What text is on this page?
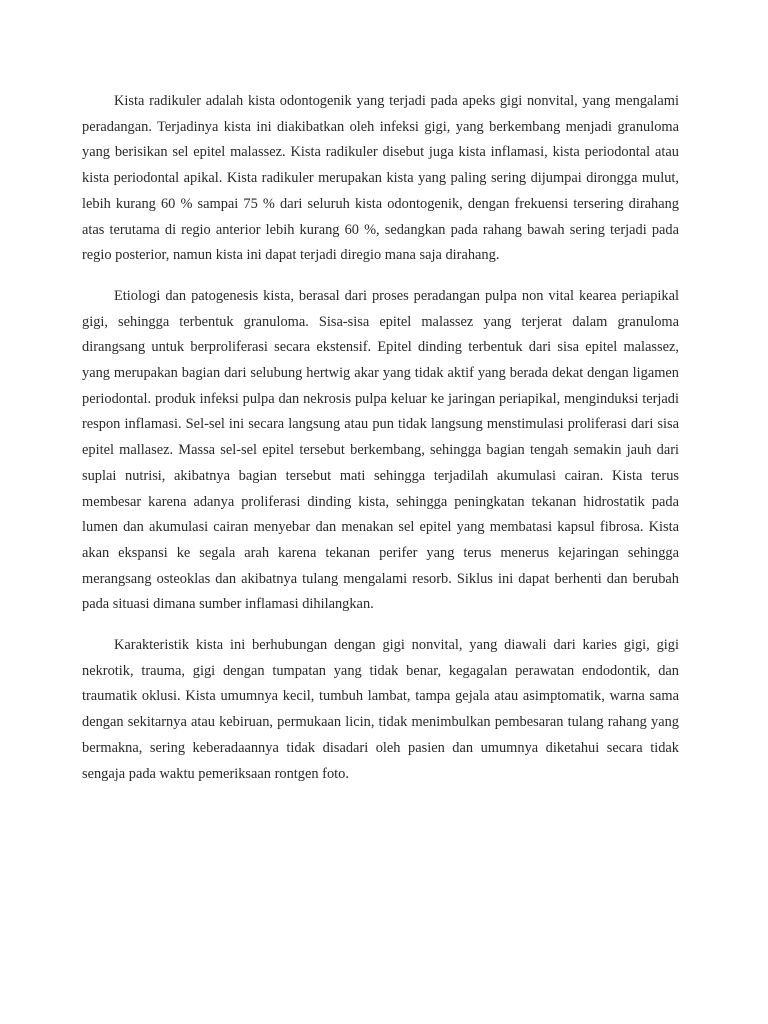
Kista radikuler adalah kista odontogenik yang terjadi pada apeks gigi nonvital, yang mengalami peradangan. Terjadinya kista ini diakibatkan oleh infeksi gigi, yang berkembang menjadi granuloma yang berisikan sel epitel malassez. Kista radikuler disebut juga kista inflamasi, kista periodontal atau kista periodontal apikal. Kista radikuler merupakan kista yang paling sering dijumpai dirongga mulut, lebih kurang 60 % sampai 75 % dari seluruh kista odontogenik, dengan frekuensi tersering dirahang atas terutama di regio anterior lebih kurang 60 %, sedangkan pada rahang bawah sering terjadi pada regio posterior, namun kista ini dapat terjadi diregio mana saja dirahang.

Etiologi dan patogenesis kista, berasal dari proses peradangan pulpa non vital kearea periapikal gigi, sehingga terbentuk granuloma. Sisa-sisa epitel malassez yang terjerat dalam granuloma dirangsang untuk berproliferasi secara ekstensif. Epitel dinding terbentuk dari sisa epitel malassez, yang merupakan bagian dari selubung hertwig akar yang tidak aktif yang berada dekat dengan ligamen periodontal. produk infeksi pulpa dan nekrosis pulpa keluar ke jaringan periapikal, menginduksi terjadi respon inflamasi. Sel-sel ini secara langsung atau pun tidak langsung menstimulasi proliferasi dari sisa epitel mallasez. Massa sel-sel epitel tersebut berkembang, sehingga bagian tengah semakin jauh dari suplai nutrisi, akibatnya bagian tersebut mati sehingga terjadilah akumulasi cairan. Kista terus membesar karena adanya proliferasi dinding kista, sehingga peningkatan tekanan hidrostatik pada lumen dan akumulasi cairan menyebar dan menakan sel epitel yang membatasi kapsul fibrosa. Kista akan ekspansi ke segala arah karena tekanan perifer yang terus menerus kejaringan sehingga merangsang osteoklas dan akibatnya tulang mengalami resorb. Siklus ini dapat berhenti dan berubah pada situasi dimana sumber inflamasi dihilangkan.

Karakteristik kista ini berhubungan dengan gigi nonvital, yang diawali dari karies gigi, gigi nekrotik, trauma, gigi dengan tumpatan yang tidak benar, kegagalan perawatan endodontik, dan traumatik oklusi. Kista umumnya kecil, tumbuh lambat, tampa gejala atau asimptomatik, warna sama dengan sekitarnya atau kebiruan, permukaan licin, tidak menimbulkan pembesaran tulang rahang yang bermakna, sering keberadaannya tidak disadari oleh pasien dan umumnya diketahui secara tidak sengaja pada waktu pemeriksaan rontgen foto.
